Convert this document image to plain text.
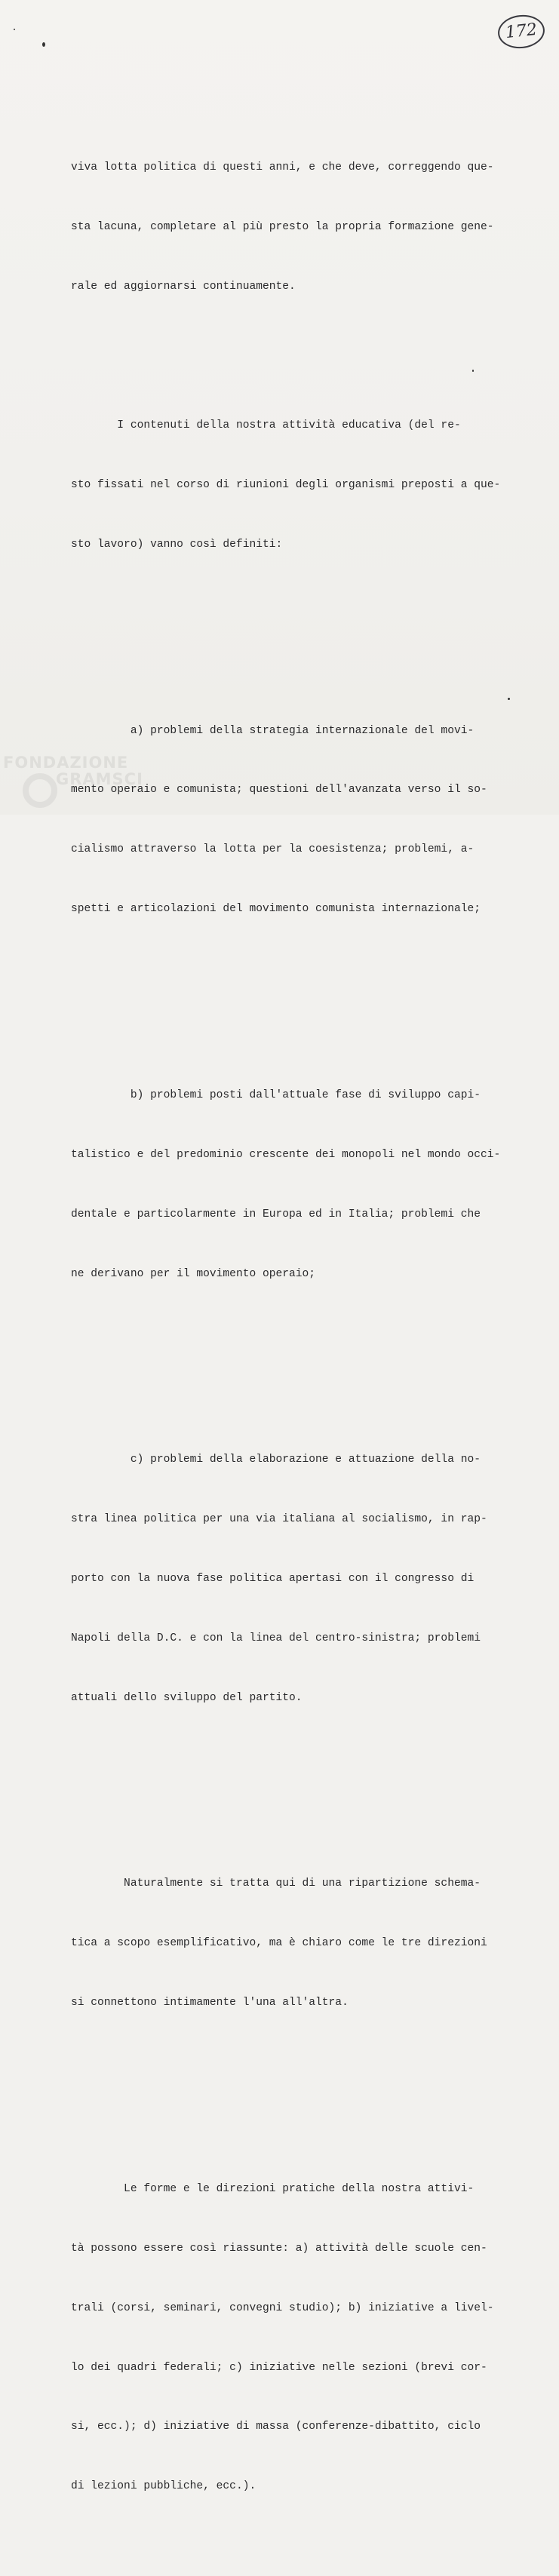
172

viva lotta politica di questi anni, e che deve, correggendo que-

sta lacuna, completare al più presto la propria formazione gene-

rale ed aggiornarsi continuamente.

I contenuti della nostra attività educativa (del re-

sto fissati nel corso di riunioni degli organismi preposti a que-

sto lavoro) vanno così definiti:

a) problemi della strategia internazionale del movi-

mento operaio e comunista; questioni dell'avanzata verso il so-

cialismo attraverso la lotta per la coesistenza; problemi, a-

spetti e articolazioni del movimento comunista internazionale;

b) problemi posti dall'attuale fase di sviluppo capi-

talistico e del predominio crescente dei monopoli nel mondo occi-

dentale e particolarmente in Europa ed in Italia; problemi che

ne derivano per il movimento operaio;

c) problemi della elaborazione e attuazione della no-

stra linea politica per una via italiana al socialismo, in rap-

porto con la nuova fase politica apertasi con il congresso di

Napoli della D.C. e con la linea del centro-sinistra; problemi

attuali dello sviluppo del partito.

Naturalmente si tratta qui di una ripartizione schema-

tica a scopo esemplificativo, ma è chiaro come le tre direzioni

si connettono intimamente l'una all'altra.

Le forme e le direzioni pratiche della nostra attivi-

tà possono essere così riassunte: a) attività delle scuole cen-

trali (corsi, seminari, convegni studio); b) iniziative a livel-

lo dei quadri federali; c) iniziative nelle sezioni (brevi cor-

si, ecc.); d) iniziative di massa (conferenze-dibattito, ciclo

di lezioni pubbliche, ecc.).

FONDAZIONE
GRAMSCI
